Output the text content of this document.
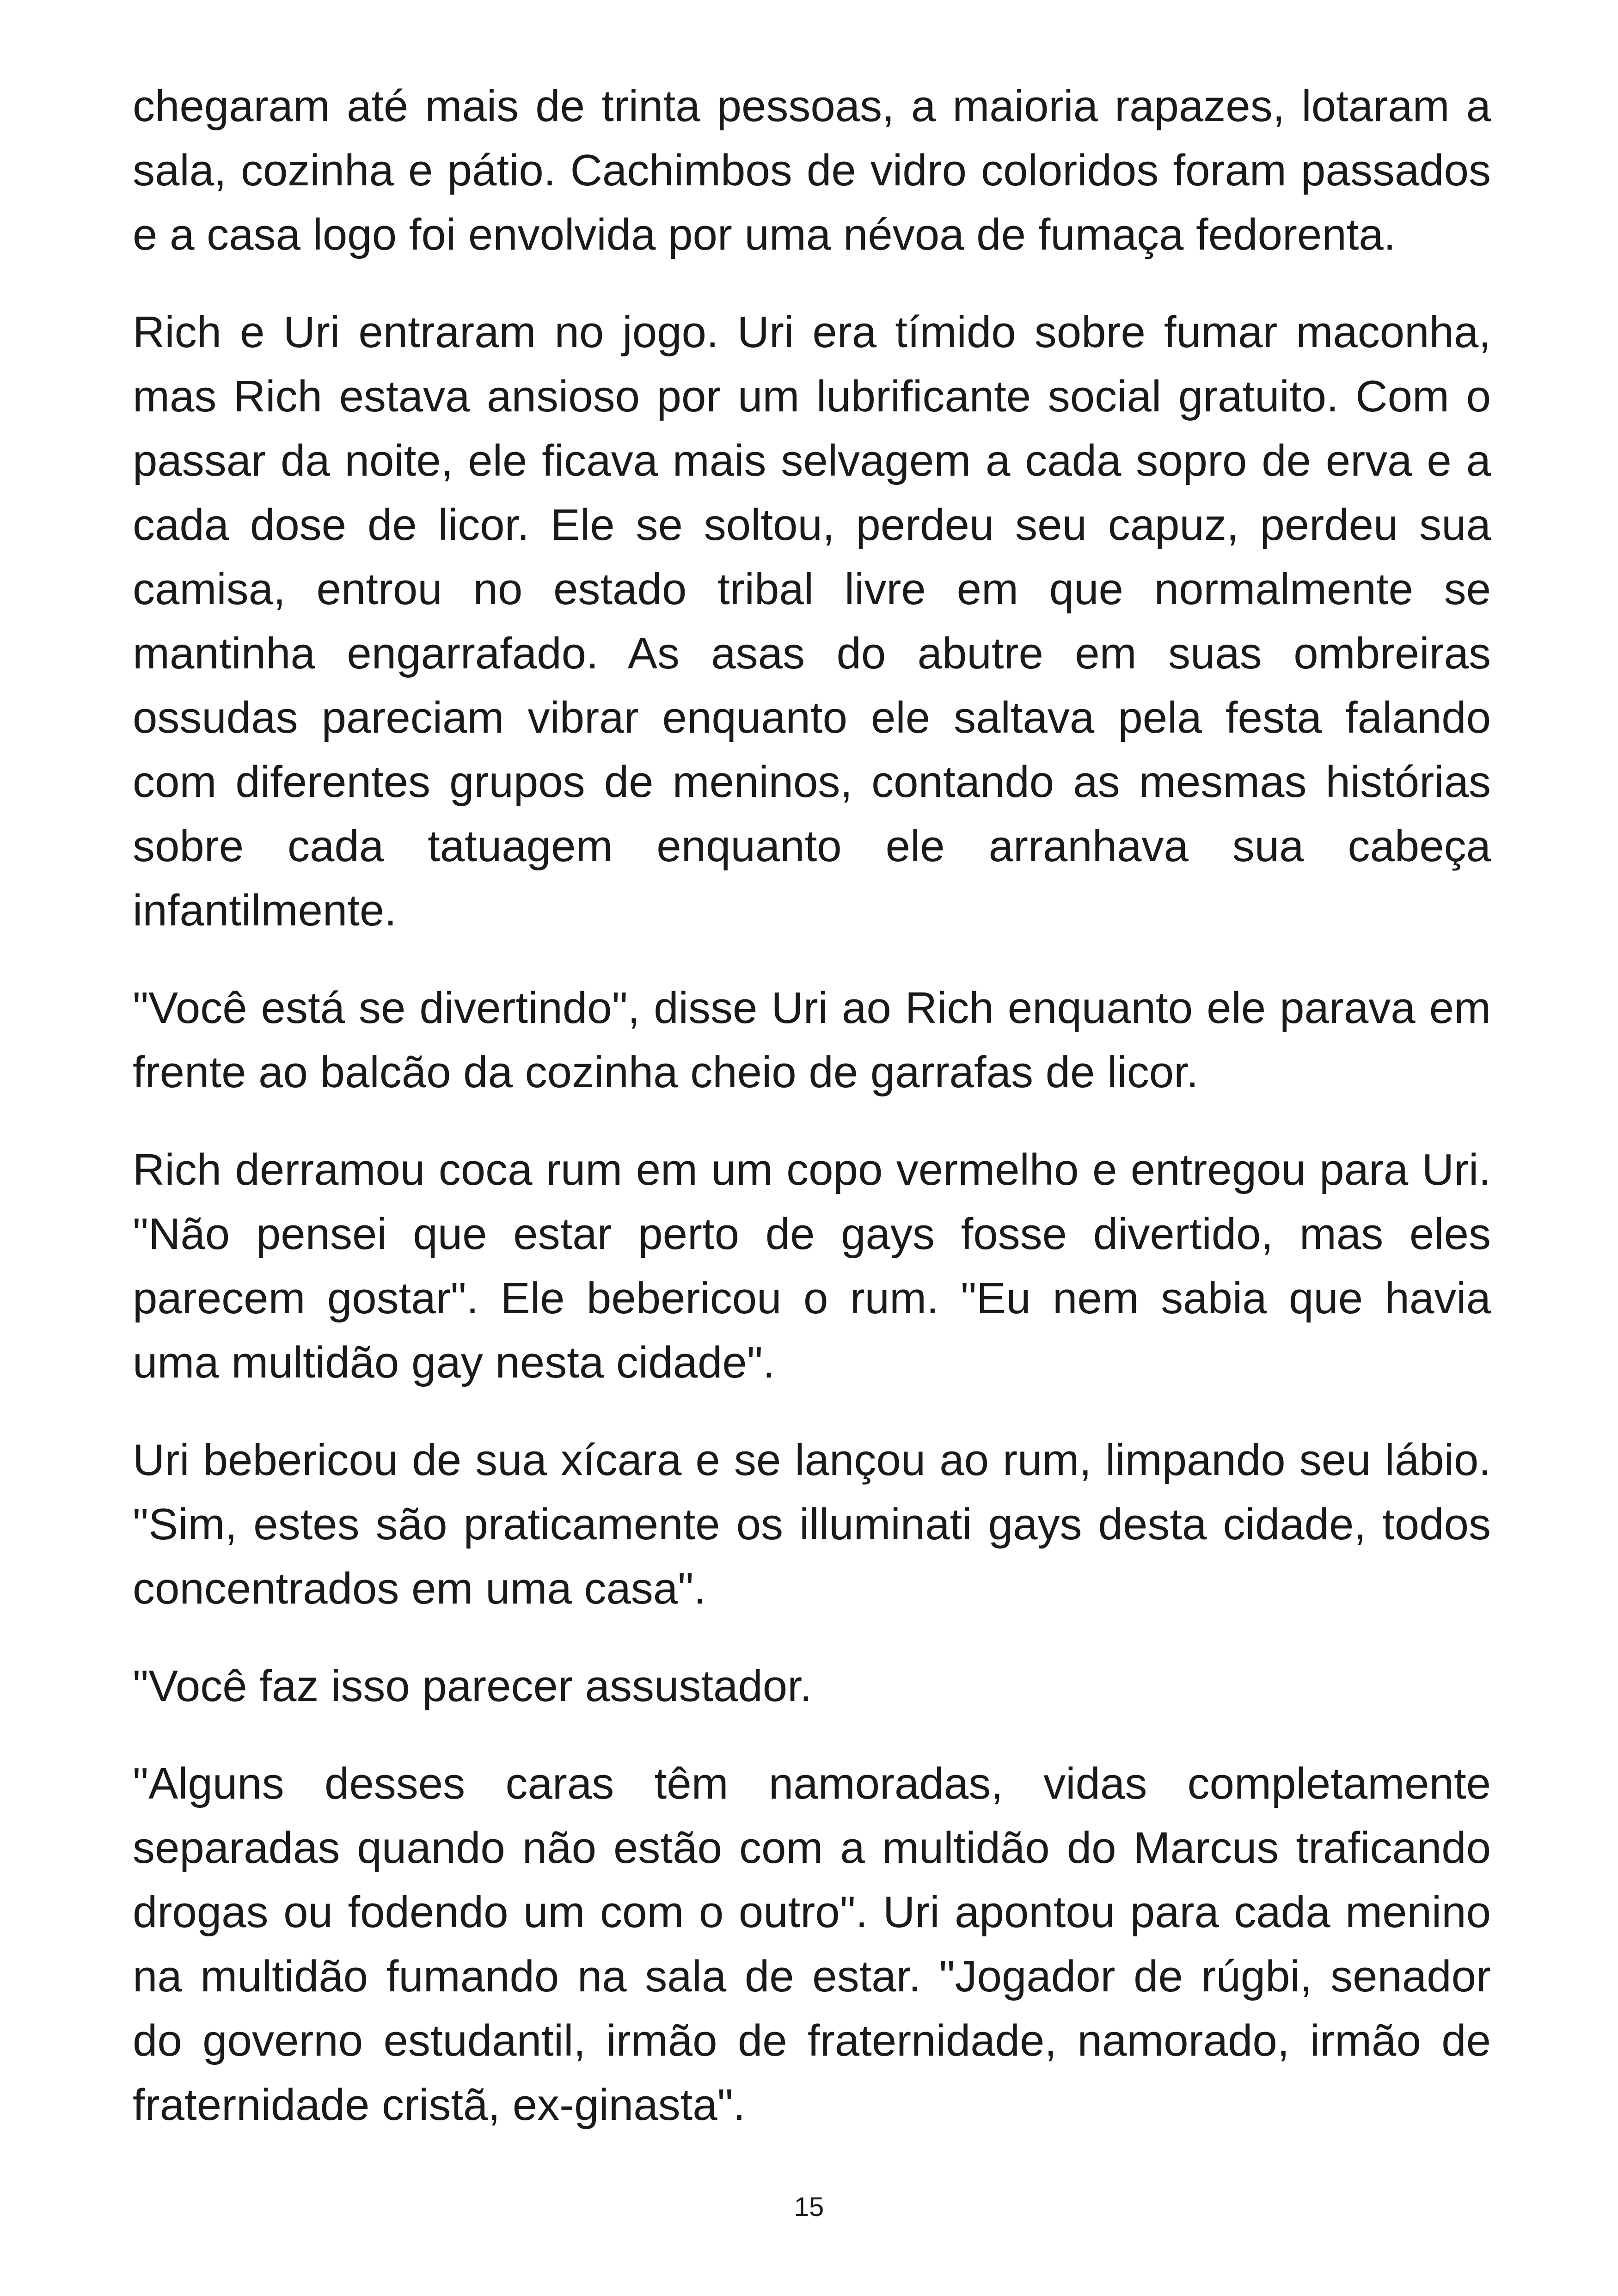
chegaram até mais de trinta pessoas, a maioria rapazes, lotaram a sala, cozinha e pátio. Cachimbos de vidro coloridos foram passados e a casa logo foi envolvida por uma névoa de fumaça fedorenta.

Rich e Uri entraram no jogo. Uri era tímido sobre fumar maconha, mas Rich estava ansioso por um lubrificante social gratuito. Com o passar da noite, ele ficava mais selvagem a cada sopro de erva e a cada dose de licor. Ele se soltou, perdeu seu capuz, perdeu sua camisa, entrou no estado tribal livre em que normalmente se mantinha engarrafado. As asas do abutre em suas ombreiras ossudas pareciam vibrar enquanto ele saltava pela festa falando com diferentes grupos de meninos, contando as mesmas histórias sobre cada tatuagem enquanto ele arranhava sua cabeça infantilmente.

"Você está se divertindo", disse Uri ao Rich enquanto ele parava em frente ao balcão da cozinha cheio de garrafas de licor.

Rich derramou coca rum em um copo vermelho e entregou para Uri. "Não pensei que estar perto de gays fosse divertido, mas eles parecem gostar". Ele bebericou o rum. "Eu nem sabia que havia uma multidão gay nesta cidade".

Uri bebericou de sua xícara e se lançou ao rum, limpando seu lábio. "Sim, estes são praticamente os illuminati gays desta cidade, todos concentrados em uma casa".

"Você faz isso parecer assustador.

"Alguns desses caras têm namoradas, vidas completamente separadas quando não estão com a multidão do Marcus traficando drogas ou fodendo um com o outro". Uri apontou para cada menino na multidão fumando na sala de estar. "Jogador de rúgbi, senador do governo estudantil, irmão de fraternidade, namorado, irmão de fraternidade cristã, ex-ginasta".

15
